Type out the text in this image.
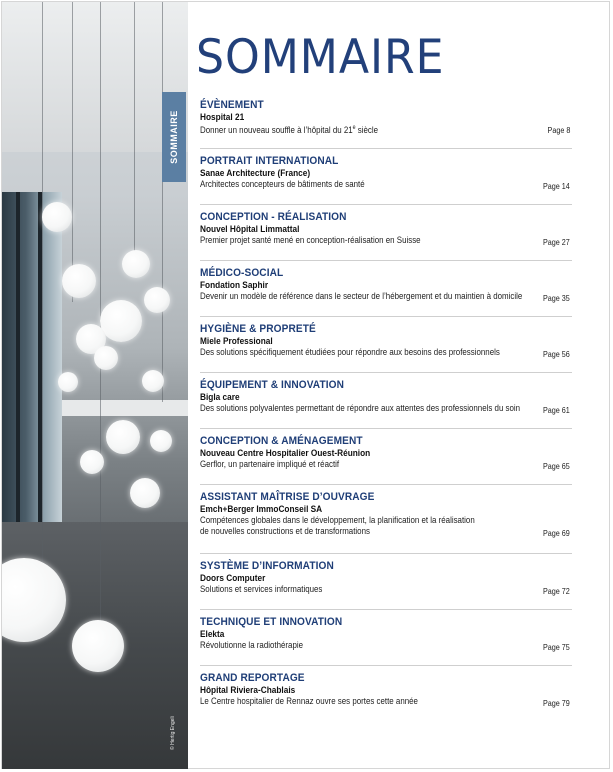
© Hertig Engeli
SOMMAIRE
SOMMAIRE
ÉVÈNEMENT
Hospital 21
Donner un nouveau souffle à l’hôpital du 21e siècle	Page 8
PORTRAIT INTERNATIONAL
Sanae Architecture (France)
Architectes concepteurs de bâtiments de santé	Page 14
CONCEPTION - RÉALISATION
Nouvel Hôpital Limmattal
Premier projet santé mené en conception-réalisation en Suisse	Page 27
MÉDICO-SOCIAL
Fondation Saphir
Devenir un modèle de référence dans le secteur de l’hébergement et du maintien à domicile	Page 35
HYGIÈNE & PROPRETÉ
Miele Professional
Des solutions spécifiquement étudiées pour répondre aux besoins des professionnels	Page 56
ÉQUIPEMENT & INNOVATION
Bigla care
Des solutions polyvalentes permettant de répondre aux attentes des professionnels du soin	Page 61
CONCEPTION & AMÉNAGEMENT
Nouveau Centre Hospitalier Ouest-Réunion
Gerflor, un partenaire impliqué et réactif	Page 65
ASSISTANT MAÎTRISE D’OUVRAGE
Emch+Berger ImmoConseil SA
Compétences globales dans le développement, la planification et la réalisation
de nouvelles constructions et de transformations	Page 69
SYSTÈME D’INFORMATION
Doors Computer
Solutions et services informatiques	Page 72
TECHNIQUE ET INNOVATION
Elekta
Révolutionne la radiothérapie	Page 75
GRAND REPORTAGE
Hôpital Riviera-Chablais
Le Centre hospitalier de Rennaz ouvre ses portes cette année	Page 79
